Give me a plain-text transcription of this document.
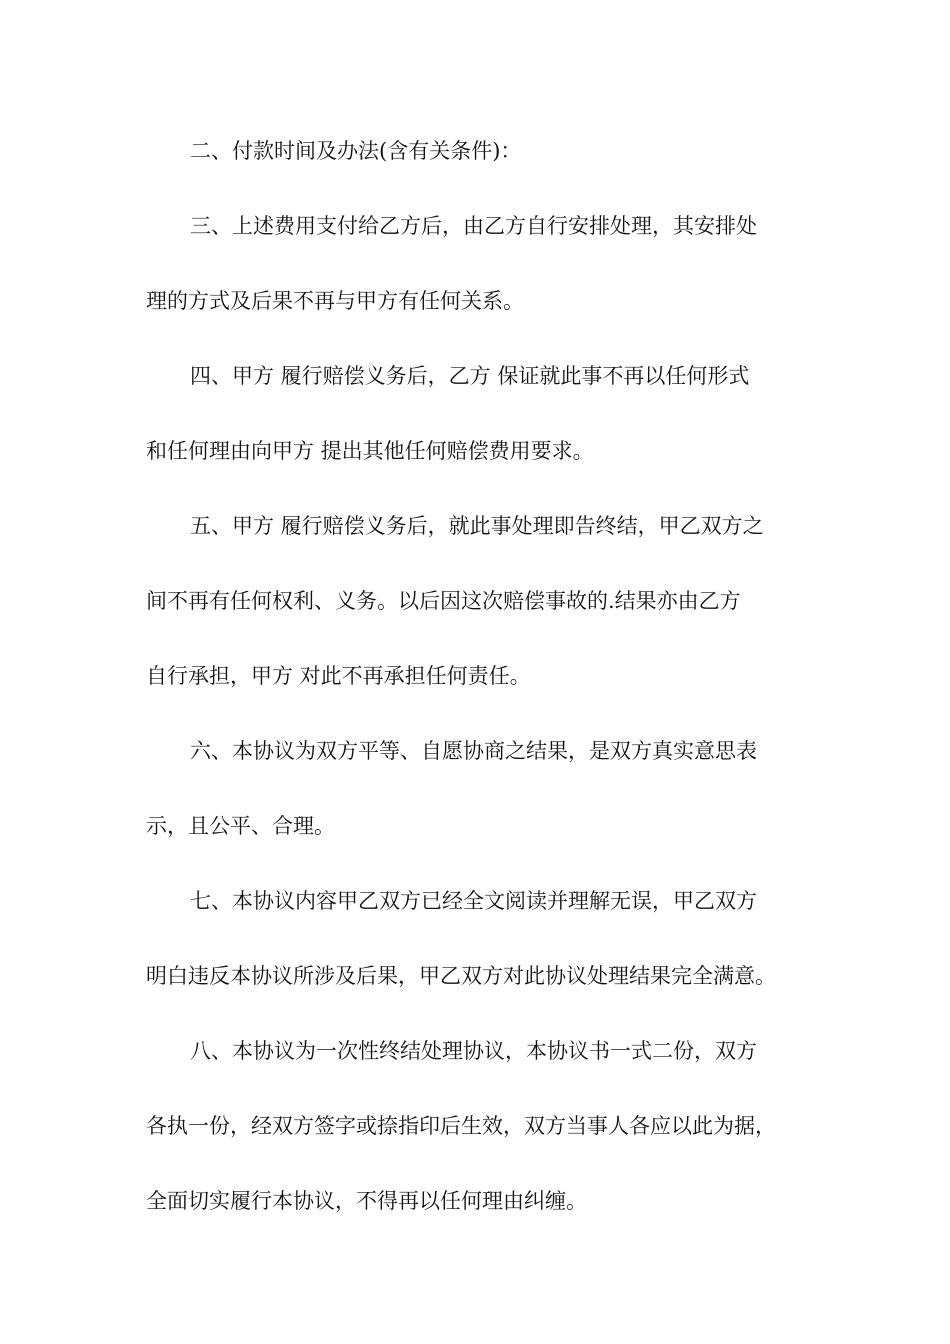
二、付款时间及办法(含有关条件)：
三、上述费用支付给乙方后，由乙方自行安排处理，其安排处
理的方式及后果不再与甲方有任何关系。
四、甲方 履行赔偿义务后，乙方 保证就此事不再以任何形式
和任何理由向甲方 提出其他任何赔偿费用要求。
五、甲方 履行赔偿义务后，就此事处理即告终结，甲乙双方之
间不再有任何权利、义务。以后因这次赔偿事故的.结果亦由乙方
自行承担，甲方 对此不再承担任何责任。
六、本协议为双方平等、自愿协商之结果，是双方真实意思表
示，且公平、合理。
七、本协议内容甲乙双方已经全文阅读并理解无误，甲乙双方
明白违反本协议所涉及后果，甲乙双方对此协议处理结果完全满意。
八、本协议为一次性终结处理协议，本协议书一式二份，双方
各执一份，经双方签字或捺指印后生效，双方当事人各应以此为据，
全面切实履行本协议，不得再以任何理由纠缠。
